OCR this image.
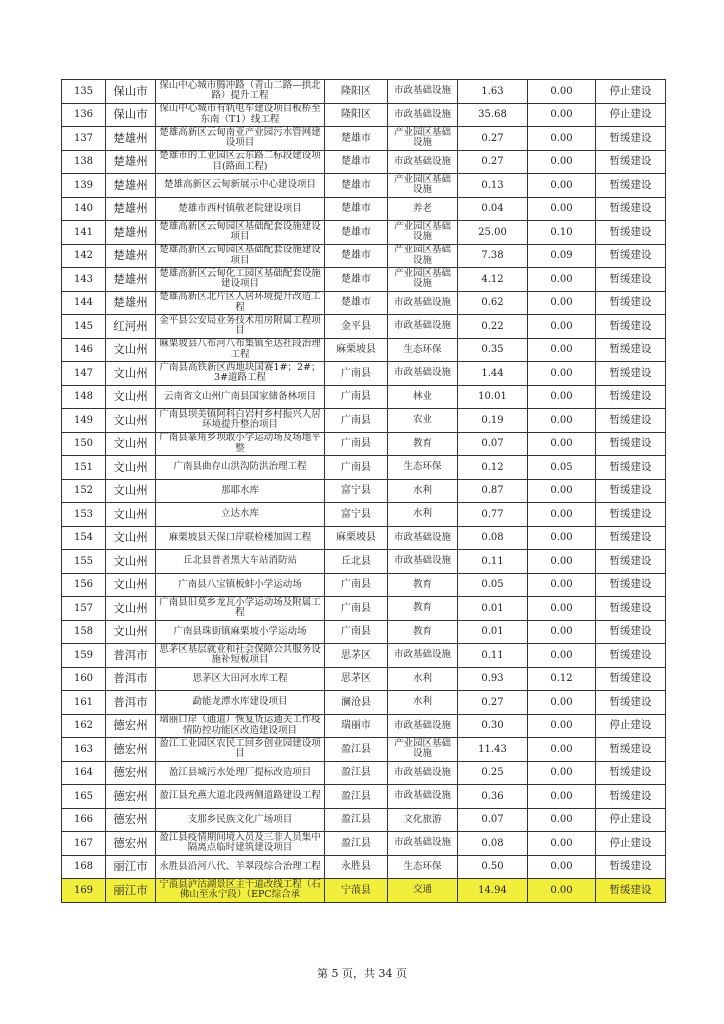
135	保山市	保山中心城市腾冲路（青山二路—拱北路）提升工程	隆阳区	市政基础设施	1.63	0.00	停止建设
136	保山市	保山中心城市有轨电车建设项目板桥至东南（T1）线工程	隆阳区	市政基础设施	35.68	0.00	停止建设
137	楚雄州	楚雄高新区云甸南亚产业园污水管网建设项目	楚雄市	产业园区基础设施	0.27	0.00	暂缓建设
138	楚雄州	楚雄市的工业园区云东路二标段建设项目(路面工程)	楚雄市	市政基础设施	0.27	0.00	暂缓建设
139	楚雄州	楚雄高新区云甸新展示中心建设项目	楚雄市	产业园区基础设施	0.13	0.00	暂缓建设
140	楚雄州	楚雄市西村镇敬老院建设项目	楚雄市	养老	0.04	0.00	暂缓建设
141	楚雄州	楚雄高新区云甸园区基础配套设施建设项目	楚雄市	产业园区基础设施	25.00	0.10	暂缓建设
142	楚雄州	楚雄高新区云甸园区基础配套设施建设项目	楚雄市	产业园区基础设施	7.38	0.09	暂缓建设
143	楚雄州	楚雄高新区云甸化工园区基础配套设施建设项目	楚雄市	产业园区基础设施	4.12	0.00	暂缓建设
144	楚雄州	楚雄高新区北片区人居环境提升改造工程	楚雄市	市政基础设施	0.62	0.00	暂缓建设
145	红河州	金平县公安局业务技术用房附属工程项目	金平县	市政基础设施	0.22	0.00	暂缓建设
146	文山州	麻栗坡县八布河八布集镇至达社段治理工程	麻栗坡县	生态环保	0.35	0.00	暂缓建设
147	文山州	广南县高铁新区西地块国赛1#；2#；3#道路工程	广南县	市政基础设施	1.44	0.00	暂缓建设
148	文山州	云南省文山州广南县国家储备林项目	广南县	林业	10.01	0.00	暂缓建设
149	文山州	广南县坝美镇阿科白岩村乡村振兴人居环境提升整治项目	广南县	农业	0.19	0.00	暂缓建设
150	文山州	广南县篆角乡坝敢小学运动场及场地平整	广南县	教育	0.07	0.00	暂缓建设
151	文山州	广南县曲存山洪沟防洪治理工程	广南县	生态环保	0.12	0.05	暂缓建设
152	文山州	那耶水库	富宁县	水利	0.87	0.00	暂缓建设
153	文山州	立达水库	富宁县	水利	0.77	0.00	暂缓建设
154	文山州	麻栗坡县天保口岸联检楼加固工程	麻栗坡县	市政基础设施	0.08	0.00	暂缓建设
155	文山州	丘北县普者黑大车站消防站	丘北县	市政基础设施	0.11	0.00	暂缓建设
156	文山州	广南县八宝镇板蚌小学运动场	广南县	教育	0.05	0.00	暂缓建设
157	文山州	广南县旧莫乡龙瓦小学运动场及附属工程	广南县	教育	0.01	0.00	暂缓建设
158	文山州	广南县珠街镇麻栗坡小学运动场	广南县	教育	0.01	0.00	暂缓建设
159	普洱市	思茅区基层就业和社会保障公共服务设施补短板项目	思茅区	市政基础设施	0.11	0.00	暂缓建设
160	普洱市	思茅区大田河水库工程	思茅区	水利	0.93	0.12	暂缓建设
161	普洱市	勐能龙潭水库建设项目	澜沧县	水利	0.27	0.00	暂缓建设
162	德宏州	瑞丽口岸（通道）恢复货运通关工作疫情防控功能区改造建设项目	瑞丽市	市政基础设施	0.30	0.00	停止建设
163	德宏州	盈江工业园区农民工回乡创业园建设项目	盈江县	产业园区基础设施	11.43	0.00	暂缓建设
164	德宏州	盈江县城污水处理厂提标改造项目	盈江县	市政基础设施	0.25	0.00	暂缓建设
165	德宏州	盈江县允燕大道北段两侧道路建设工程	盈江县	市政基础设施	0.36	0.00	暂缓建设
166	德宏州	支那乡民族文化广场项目	盈江县	文化旅游	0.07	0.00	停止建设
167	德宏州	盈江县疫情期间境入员及三非人员集中隔离点临时建筑建设项目	盈江县	市政基础设施	0.08	0.00	停止建设
168	丽江市	永胜县沿河八代、羊翠段综合治理工程	永胜县	生态环保	0.50	0.00	暂缓建设
169	丽江市	宁蒗县泸沽湖景区主干道改线工程（石佛山至永宁段）（EPC综合承	宁蒗县	交通	14.94	0.00	暂缓建设
第 5 页，共 34 页
